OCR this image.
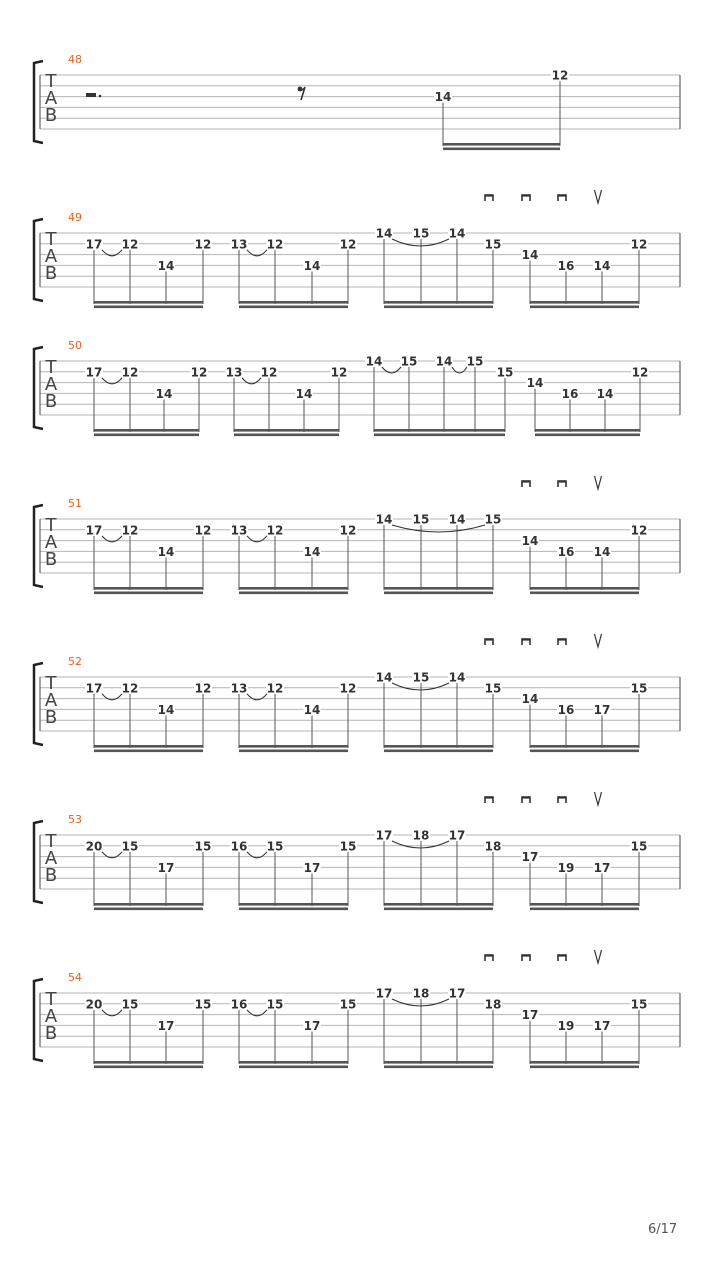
T
A
B
48
14
12
T
A
B
49
17 12
14
12 13 12
14
12
14 15 14
15
14
16 14
12
T
A
B
50
17 12
14
12 13 12
14
12
14 15 14 15
15
14
16 14
12
T
A
B
51
17 12
14
12 13 12
14
12
14 15 14 15
14
16 14
12
T
A
B
52
17 12
14
12 13 12
14
12
14 15 14
15
14
16 17
15
T
A
B
53
20 15
17
15 16 15
17
15
17 18 17
18
17
19 17
15
T
A
B
54
20 15
17
15 16 15
17
15
17 18 17
18
17
19 17
15
6/17
